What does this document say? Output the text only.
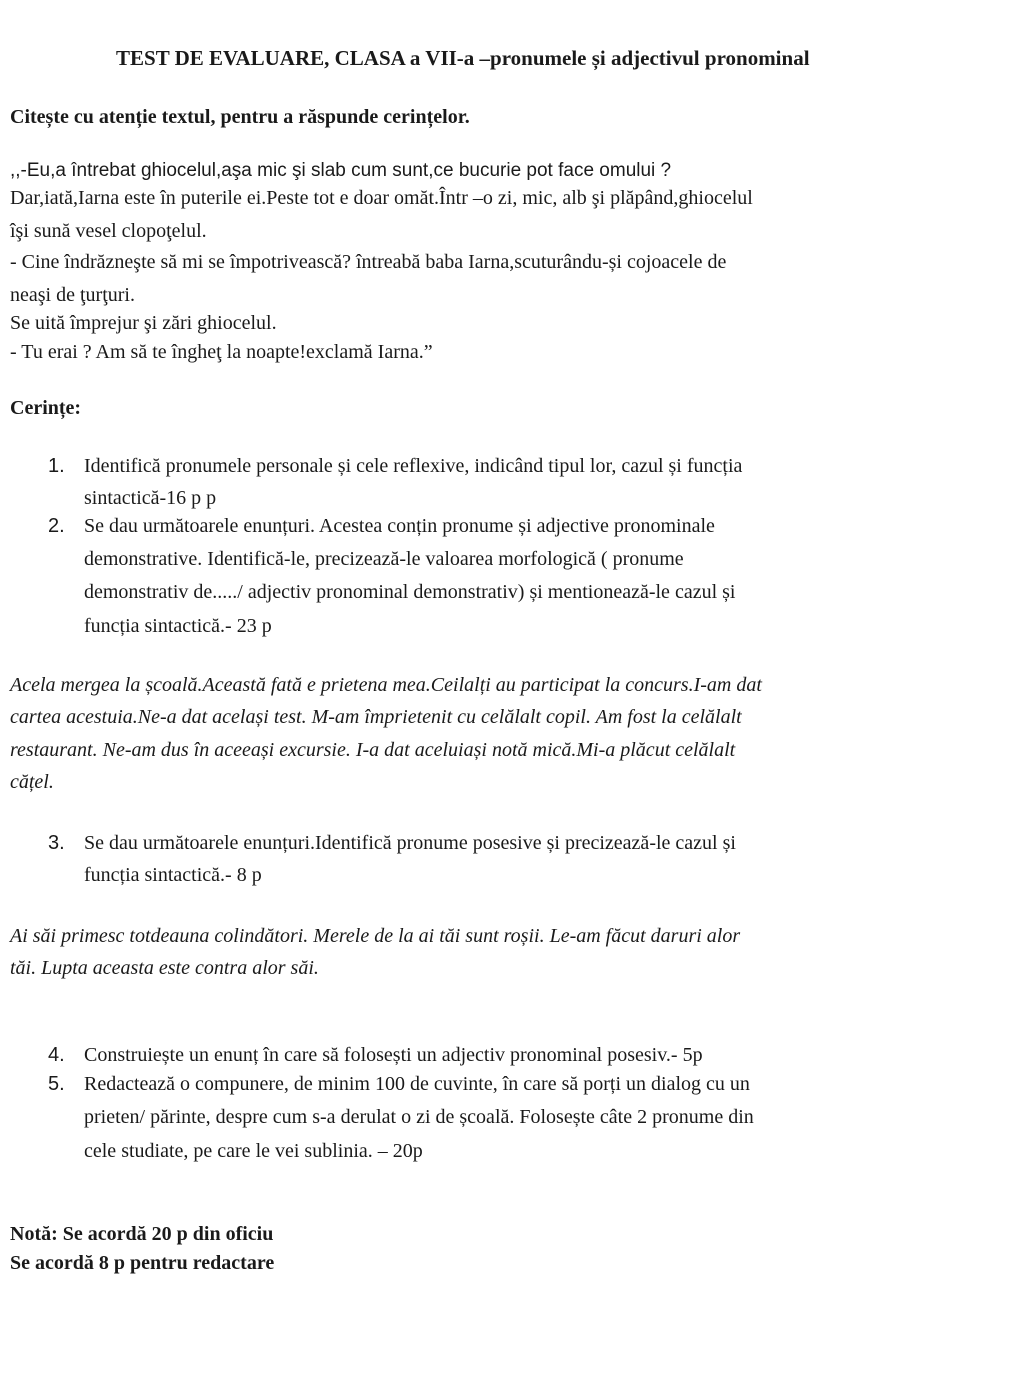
TEST DE EVALUARE, CLASA a VII-a –pronumele și adjectivul pronominal
Citește cu atenție textul, pentru a răspunde cerințelor.
,,-Eu,a întrebat ghiocelul,aşa mic şi slab cum sunt,ce bucurie pot face omului ?
Dar,iată,Iarna este în puterile ei.Peste tot e doar omăt.Într –o zi, mic, alb şi plăpând,ghiocelul
îşi sună vesel clopoţelul.
- Cine îndrăzneşte să mi se împotrivească? întreabă baba Iarna,scuturându-și cojoacele de
neaşi de ţurţuri.
Se uită împrejur şi zări ghiocelul.
- Tu erai ? Am să te îngheţ la noapte!exclamă Iarna.”
Cerințe:
1. Identifică pronumele personale și cele reflexive, indicând tipul lor, cazul și funcția
sintactică-16 p p
2. Se dau următoarele enunțuri. Acestea conțin pronume și adjective pronominale
demonstrative. Identifică-le, precizează-le valoarea morfologică ( pronume
demonstrativ de...../ adjectiv pronominal demonstrativ) și mentionează-le cazul și
funcția sintactică.- 23 p
Acela mergea la școală.Această fată e prietena mea.Ceilalți au participat la concurs.I-am dat
cartea acestuia.Ne-a dat același test. M-am împrietenit cu celălalt copil. Am fost la celălalt
restaurant. Ne-am dus în aceeași excursie. I-a dat aceluiași notă mică.Mi-a plăcut celălalt
cățel.
3. Se dau următoarele enunțuri.Identifică pronume posesive și precizează-le cazul și
funcția sintactică.- 8 p
Ai săi primesc totdeauna colindători. Merele de la ai tăi sunt roșii. Le-am făcut daruri alor
tăi. Lupta aceasta este contra alor săi.
4. Construiește un enunț în care să folosești un adjectiv pronominal posesiv.- 5p
5. Redactează o compunere, de minim 100 de cuvinte, în care să porți un dialog cu un
prieten/ părinte, despre cum s-a derulat o zi de școală. Folosește câte 2 pronume din
cele studiate, pe care le vei sublinia. – 20p
Notă: Se acordă 20 p din oficiu
Se acordă 8 p pentru redactare
